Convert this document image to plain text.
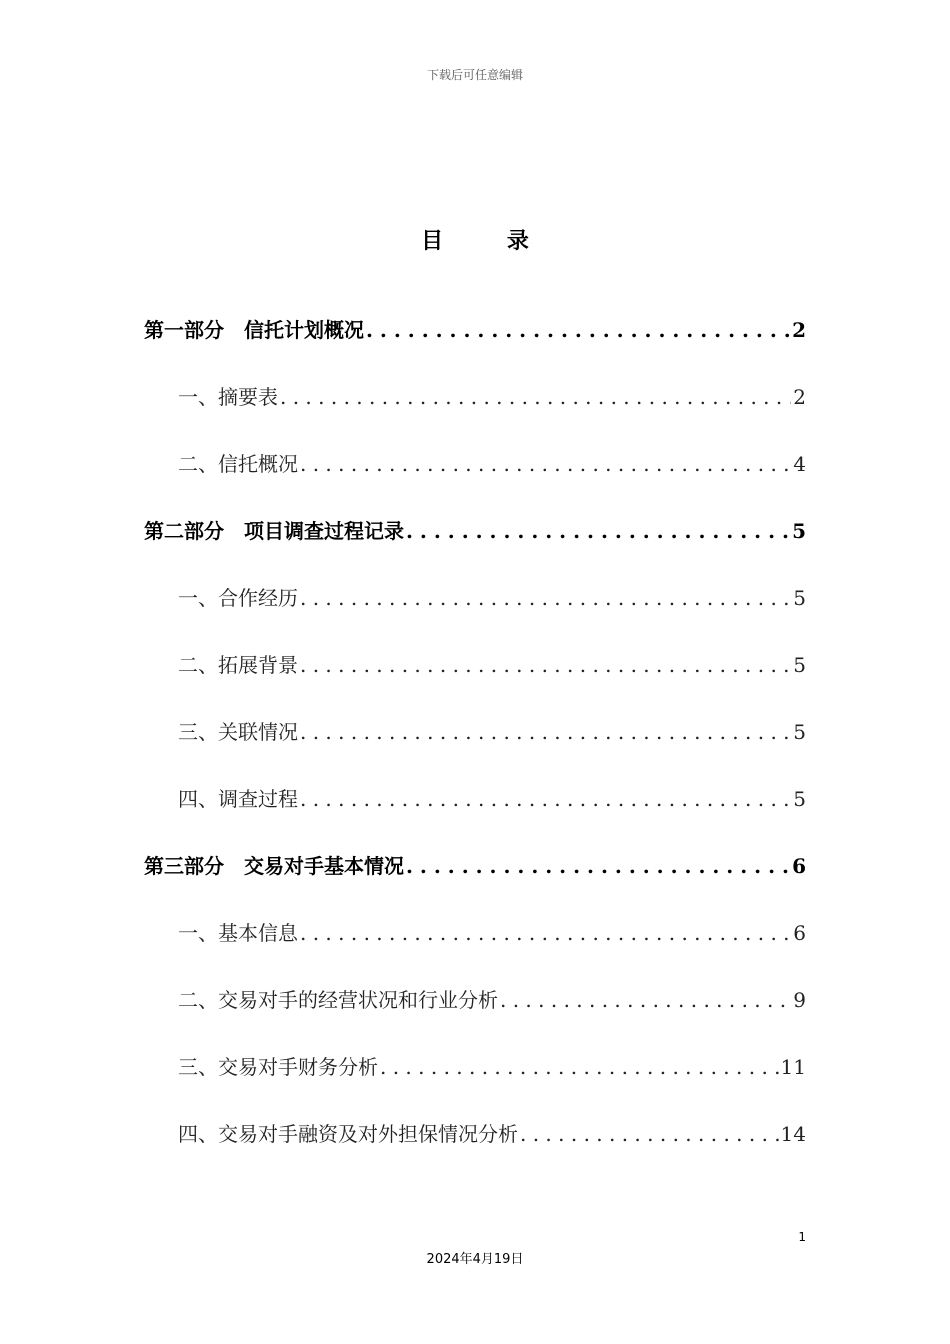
下载后可任意编辑
目 录
第一部分　信托计划概况 . . .	2
一、摘要表 . . .	2
二、信托概况 . . .	4
第二部分　项目调查过程记录 . . .	5
一、合作经历 . . .	5
二、拓展背景 . . .	5
三、关联情况 . . .	5
四、调查过程 . . .	5
第三部分　交易对手基本情况 . . .	6
一、基本信息 . . .	6
二、交易对手的经营状况和行业分析 . . .	9
三、交易对手财务分析 . . .	11
四、交易对手融资及对外担保情况分析 . . .	14
1
2024年4月19日
